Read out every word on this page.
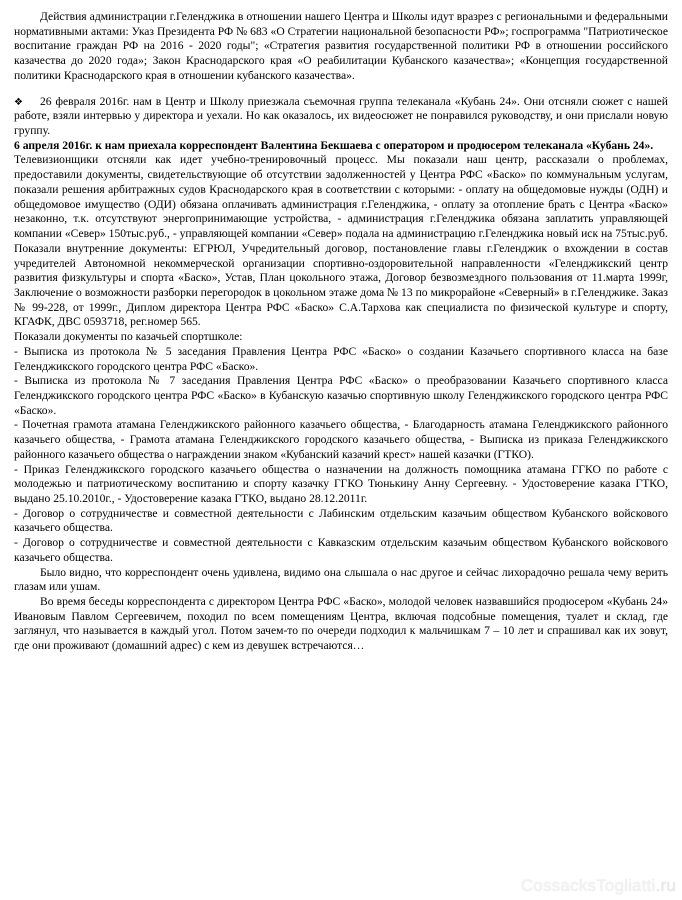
Действия администрации г.Геленджика в отношении нашего Центра и Школы идут вразрез с региональными и федеральными нормативными актами: Указ Президента РФ № 683 «О Стратегии национальной безопасности РФ»; госпрограмма "Патриотическое воспитание граждан РФ на 2016 - 2020 годы"; «Стратегия развития государственной политики РФ в отношении российского казачества до 2020 года»; Закон Краснодарского края «О реабилитации Кубанского казачества»; «Концепция государственной политики Краснодарского края в отношении кубанского казачества».

❖ 26 февраля 2016г. нам в Центр и Школу приезжала съемочная группа телеканала «Кубань 24». Они отсняли сюжет с нашей работе, взяли интервью у директора и уехали. Но как оказалось, их видеосюжет не понравился руководству, и они прислали новую группу.

6 апреля 2016г. к нам приехала корреспондент Валентина Бекшаева с оператором и продюсером телеканала «Кубань 24».

Телевизионщики отсняли как идет учебно-тренировочный процесс. Мы показали наш центр, рассказали о проблемах, предоставили документы, свидетельствующие об отсутствии задолженностей у Центра РФС «Баско» по коммунальным услугам, показали решения арбитражных судов Краснодарского края в соответствии с которыми: - оплату на общедомовые нужды (ОДН) и общедомовое имущество (ОДИ) обязана оплачивать администрация г.Геленджика, - оплату за отопление брать с Центра «Баско» незаконно, т.к. отсутствуют энергопринимающие устройства, - администрация г.Геленджика обязана заплатить управляющей компании «Север» 150тыс.руб., - управляющей компании «Север» подала на администрацию г.Геленджика новый иск на 75тыс.руб.

Показали внутренние документы: ЕГРЮЛ, Учредительный договор, постановление главы г.Геленджик о вхождении в состав учредителей Автономной некоммерческой организации спортивно-оздоровительной направленности «Геленджикский центр развития физкультуры и спорта «Баско», Устав, План цокольного этажа, Договор безвозмездного пользования от 11.марта 1999г, Заключение о возможности разборки перегородок в цокольном этаже дома № 13 по микрорайоне «Северный» в г.Геленджике. Заказ № 99-228, от 1999г., Диплом директора Центра РФС «Баско» С.А.Тархова как специалиста по физической культуре и спорту, КГАФК, ДВС 0593718, рег.номер 565.

Показали документы по казачьей спортшколе:

- Выписка из протокола № 5 заседания Правления Центра РФС «Баско» о создании Казачьего спортивного класса на базе Геленджикского городского центра РФС «Баско».

- Выписка из протокола № 7 заседания Правления Центра РФС «Баско» о преобразовании Казачьего спортивного класса Геленджикского городского центра РФС «Баско» в Кубанскую казачью спортивную школу Геленджикского городского центра РФС «Баско».

- Почетная грамота атамана Геленджикского районного казачьего общества, - Благодарность атамана Геленджикского районного казачьего общества, - Грамота атамана Геленджикского городского казачьего общества, - Выписка из приказа Геленджикского районного казачьего общества о награждении знаком «Кубанский казачий крест» нашей казачки (ГТКО).

- Приказ Геленджикского городского казачьего общества о назначении на должность помощника атамана ГГКО по работе с молодежью и патриотическому воспитанию и спорту казачку ГГКО Тюнькину Анну Сергеевну. - Удостоверение казака ГТКО, выдано 25.10.2010г., - Удостоверение казака ГТКО, выдано 28.12.2011г.

- Договор о сотрудничестве и совместной деятельности с Лабинским отдельским казачьим обществом Кубанского войскового казачьего общества.

- Договор о сотрудничестве и совместной деятельности с Кавказским отдельским казачьим обществом Кубанского войскового казачьего общества.

Было видно, что корреспондент очень удивлена, видимо она слышала о нас другое и сейчас лихорадочно решала чему верить глазам или ушам.

Во время беседы корреспондента с директором Центра РФС «Баско», молодой человек назвавшийся продюсером «Кубань 24» Ивановым Павлом Сергеевичем, походил по всем помещениям Центра, включая подсобные помещения, туалет и склад, где заглянул, что называется в каждый угол. Потом зачем-то по очереди подходил к мальчишкам 7 – 10 лет и спрашивал как их зовут, где они проживают (домашний адрес) с кем из девушек встречаются…

CossacksTogliatti.ru
